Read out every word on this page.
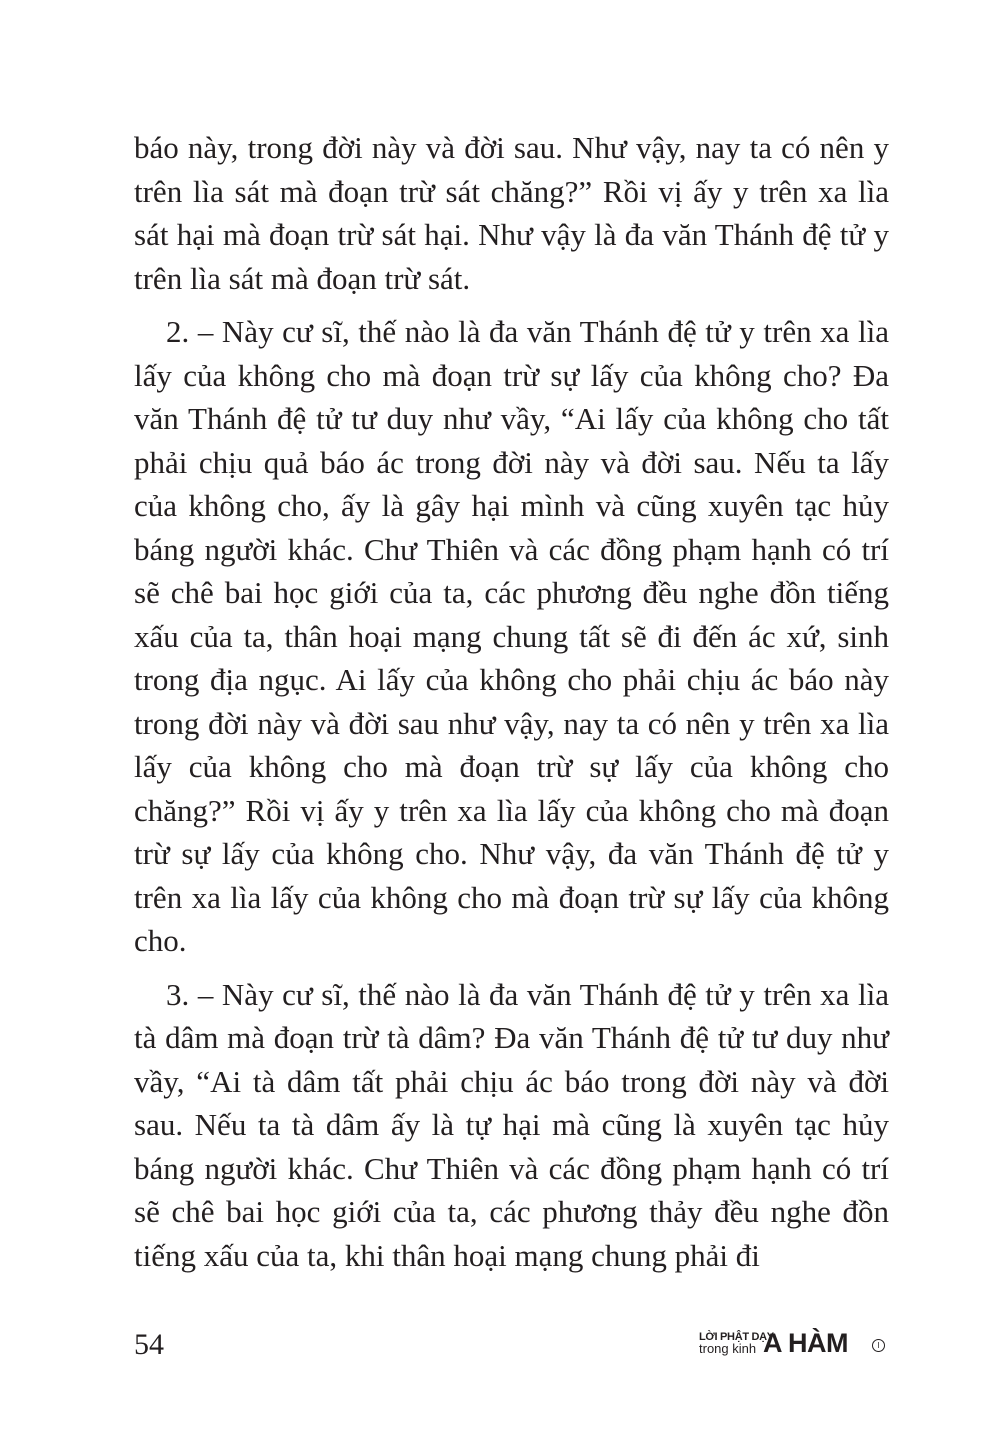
báo này, trong đời này và đời sau. Như vậy, nay ta có nên y trên lìa sát mà đoạn trừ sát chăng?” Rồi vị ấy y trên xa lìa sát hại mà đoạn trừ sát hại. Như vậy là đa văn Thánh đệ tử y trên lìa sát mà đoạn trừ sát.

2. – Này cư sĩ, thế nào là đa văn Thánh đệ tử y trên xa lìa lấy của không cho mà đoạn trừ sự lấy của không cho? Đa văn Thánh đệ tử tư duy như vầy, “Ai lấy của không cho tất phải chịu quả báo ác trong đời này và đời sau. Nếu ta lấy của không cho, ấy là gây hại mình và cũng xuyên tạc hủy báng người khác. Chư Thiên và các đồng phạm hạnh có trí sẽ chê bai học giới của ta, các phương đều nghe đồn tiếng xấu của ta, thân hoại mạng chung tất sẽ đi đến ác xứ, sinh trong địa ngục. Ai lấy của không cho phải chịu ác báo này trong đời này và đời sau như vậy, nay ta có nên y trên xa lìa lấy của không cho mà đoạn trừ sự lấy của không cho chăng?” Rồi vị ấy y trên xa lìa lấy của không cho mà đoạn trừ sự lấy của không cho. Như vậy, đa văn Thánh đệ tử y trên xa lìa lấy của không cho mà đoạn trừ sự lấy của không cho.

3. – Này cư sĩ, thế nào là đa văn Thánh đệ tử y trên xa lìa tà dâm mà đoạn trừ tà dâm? Đa văn Thánh đệ tử tư duy như vầy, “Ai tà dâm tất phải chịu ác báo trong đời này và đời sau. Nếu ta tà dâm ấy là tự hại mà cũng là xuyên tạc hủy báng người khác. Chư Thiên và các đồng phạm hạnh có trí sẽ chê bai học giới của ta, các phương thảy đều nghe đồn tiếng xấu của ta, khi thân hoại mạng chung phải đi

54	LỜI PHẬT DẠY
trong kinh A HÀM	I
